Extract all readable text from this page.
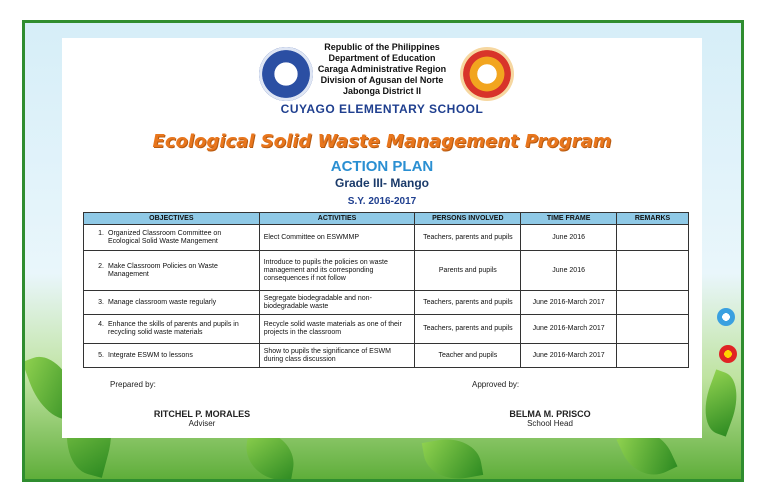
Republic of the Philippines
Department of Education
Caraga Administrative Region
Division of Agusan del Norte
Jabonga District II
CUYAGO ELEMENTARY SCHOOL
Ecological Solid Waste Management Program
ACTION PLAN
Grade III- Mango
S.Y. 2016-2017
OBJECTIVES	ACTIVITIES	PERSONS INVOLVED	TIME FRAME	REMARKS

1. Organized Classroom Committee on Ecological Solid Waste Mangement	Elect Committee on ESWMMP	Teachers, parents and pupils	June 2016	

2. Make Classroom Policies on Waste Management	Introduce to pupils the policies on waste management and its corresponding consequences if not follow	Parents and pupils	June 2016	

3. Manage classroom waste regularly	Segregate biodegradable and non-biodegradable waste	Teachers, parents and pupils	June 2016-March 2017	

4. Enhance the skills of parents and pupils in recycling solid waste materials	Recycle solid waste materials as one of their projects in the classroom	Teachers, parents and pupils	June 2016-March 2017	

5. Integrate ESWM to lessons	Show to pupils the significance of ESWM during class discussion	Teacher and pupils	June 2016-March 2017	
Prepared by:	Approved by:
RITCHEL P. MORALES
Adviser
BELMA M. PRISCO
School Head
